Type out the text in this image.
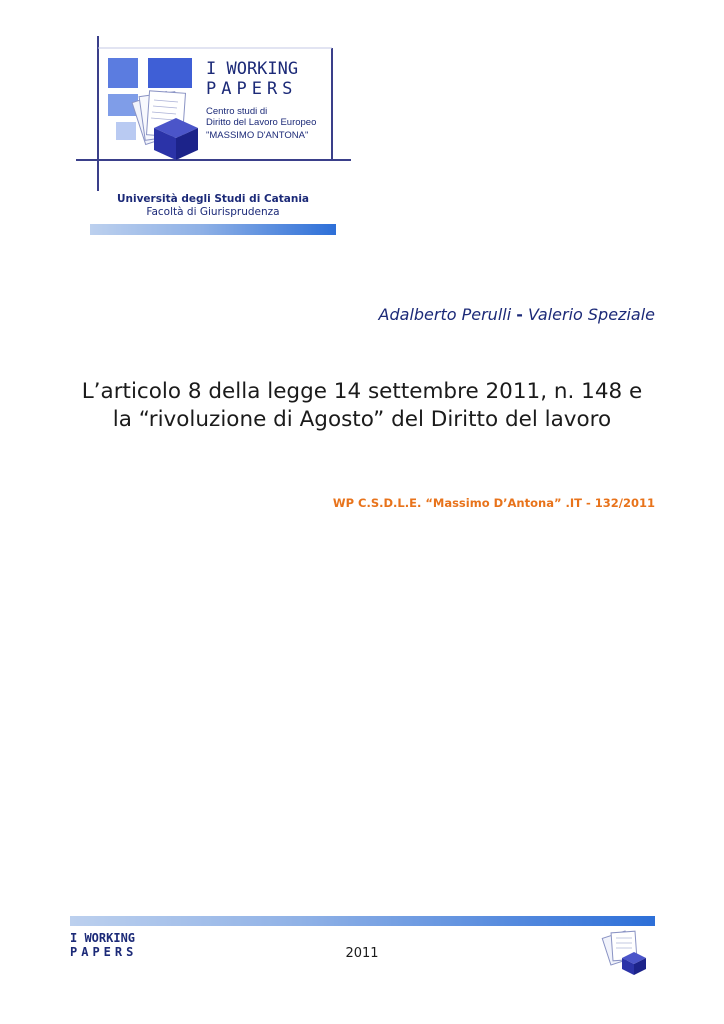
I WORKING
PAPERS
Centro studi di
Diritto del Lavoro Europeo
"MASSIMO D'ANTONA"
Università degli Studi di Catania
Facoltà di Giurisprudenza
Adalberto Perulli - Valerio Speziale
L’articolo 8 della legge 14 settembre 2011, n. 148 e
la “rivoluzione di Agosto” del Diritto del lavoro
WP C.S.D.L.E. “Massimo D’Antona” .IT - 132/2011
I WORKING
PAPERS	2011
